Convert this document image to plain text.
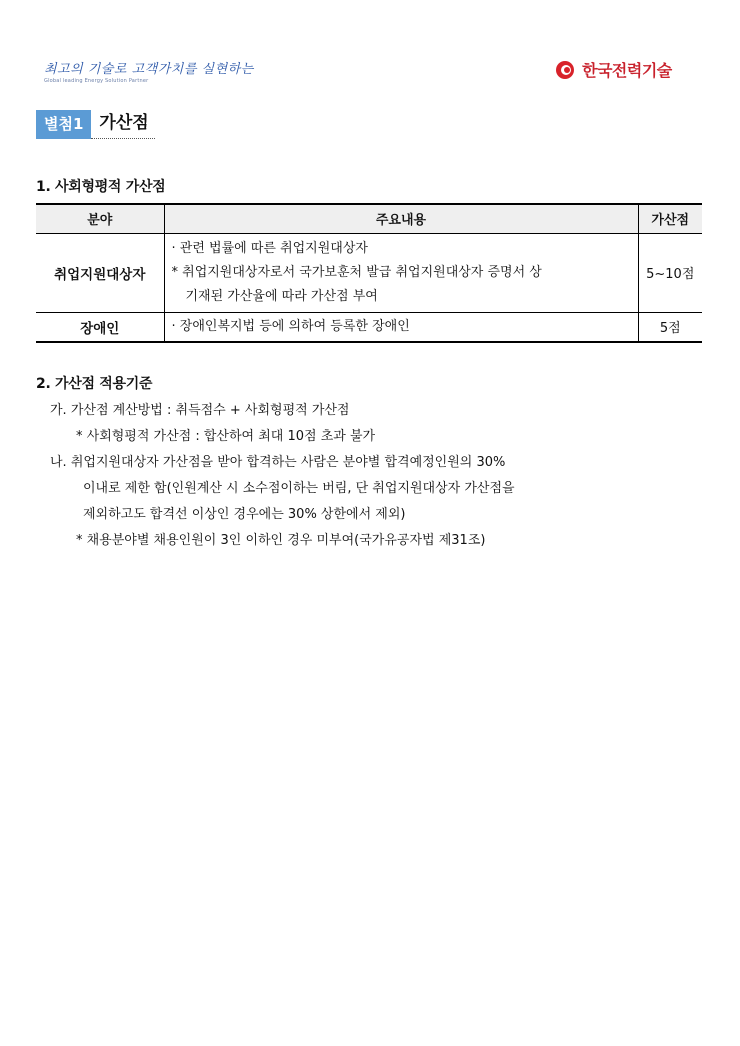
최고의 기술로 고객가치를 실현하는
Global leading Energy Solution Partner
한국전력기술
별첨1 가산점
1. 사회형평적 가산점
분야	주요내용	가산점
취업지원대상자	· 관련 법률에 따른 취업지원대상자
* 취업지원대상자로서 국가보훈처 발급 취업지원대상자 증명서 상
기재된 가산율에 따라 가산점 부여	5~10점
장애인	· 장애인복지법 등에 의하여 등록한 장애인	5점
2. 가산점 적용기준
가. 가산점 계산방법 : 취득점수 + 사회형평적 가산점
* 사회형평적 가산점 : 합산하여 최대 10점 초과 불가
나. 취업지원대상자 가산점을 받아 합격하는 사람은 분야별 합격예정인원의 30%
이내로 제한 함(인원계산 시 소수점이하는 버림, 단 취업지원대상자 가산점을
제외하고도 합격선 이상인 경우에는 30% 상한에서 제외)
* 채용분야별 채용인원이 3인 이하인 경우 미부여(국가유공자법 제31조)
